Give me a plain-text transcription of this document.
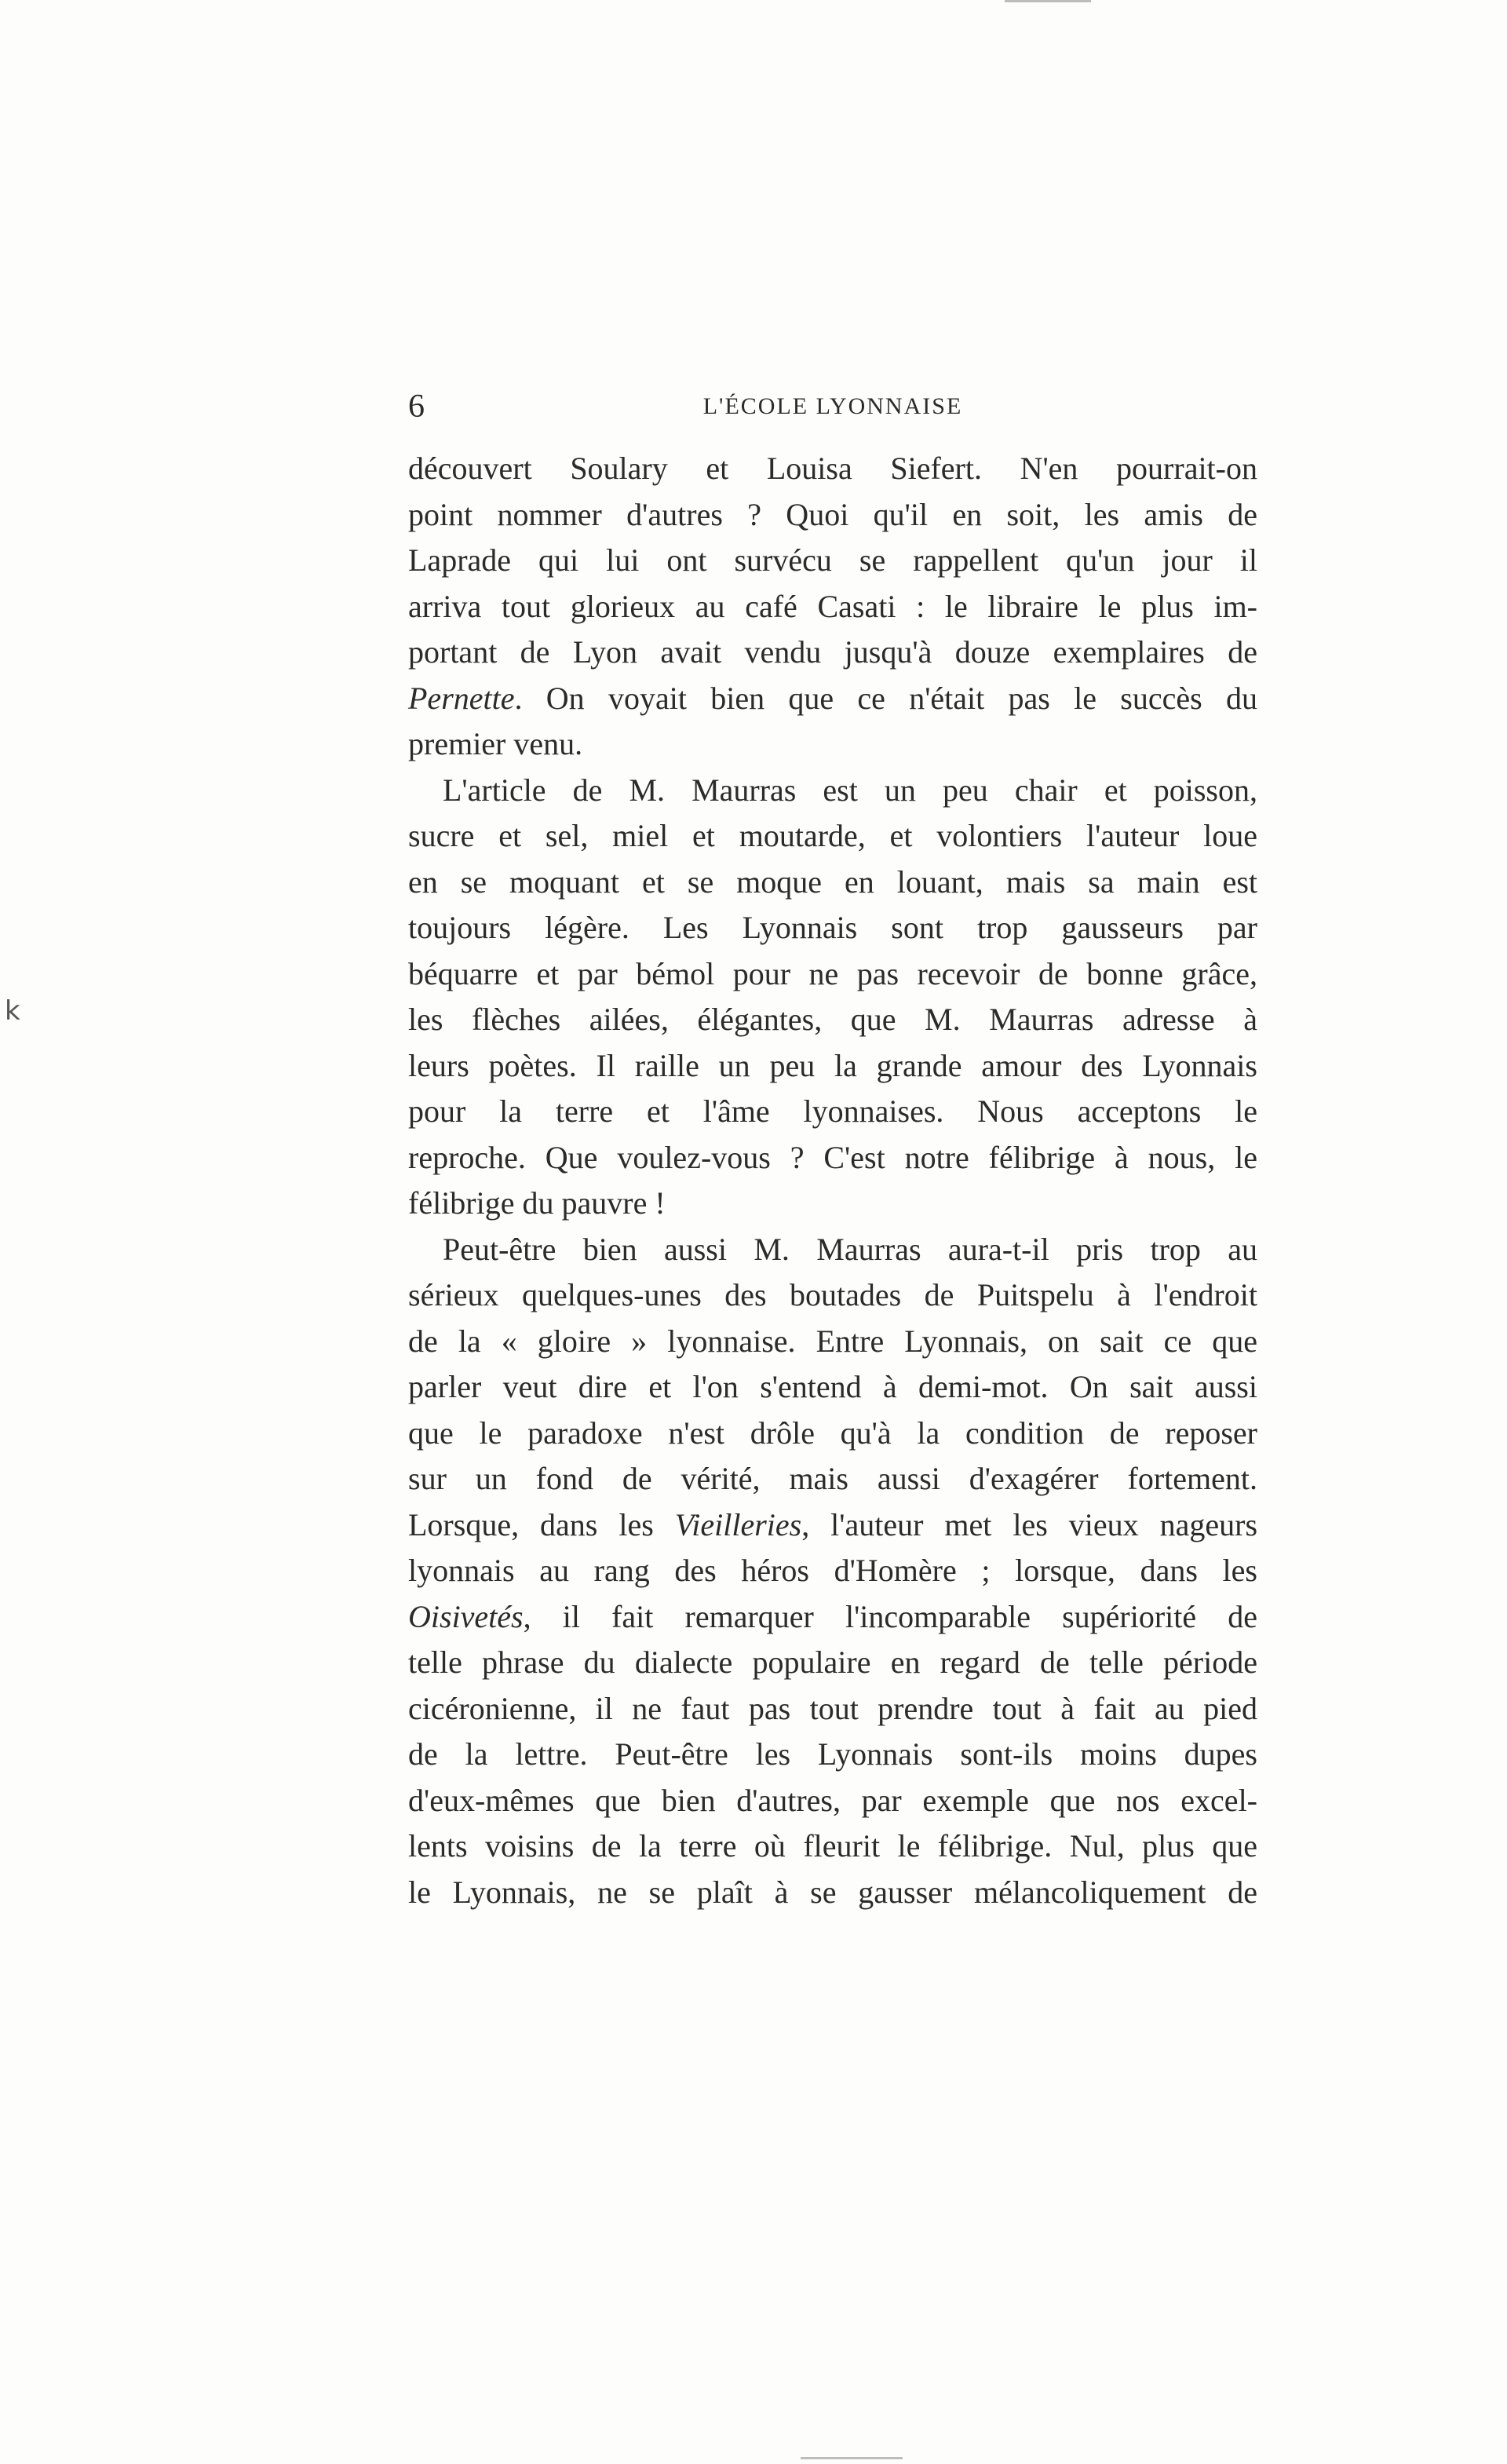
k
6	L'ÉCOLE LYONNAISE
découvert Soulary et Louisa Siefert. N'en pourrait-on
point nommer d'autres ? Quoi qu'il en soit, les amis de
Laprade qui lui ont survécu se rappellent qu'un jour il
arriva tout glorieux au café Casati : le libraire le plus im-
portant de Lyon avait vendu jusqu'à douze exemplaires de
Pernette. On voyait bien que ce n'était pas le succès du
premier venu.
L'article de M. Maurras est un peu chair et poisson,
sucre et sel, miel et moutarde, et volontiers l'auteur loue
en se moquant et se moque en louant, mais sa main est
toujours légère. Les Lyonnais sont trop gausseurs par
béquarre et par bémol pour ne pas recevoir de bonne grâce,
les flèches ailées, élégantes, que M. Maurras adresse à
leurs poètes. Il raille un peu la grande amour des Lyonnais
pour la terre et l'âme lyonnaises. Nous acceptons le
reproche. Que voulez-vous ? C'est notre félibrige à nous, le
félibrige du pauvre !
Peut-être bien aussi M. Maurras aura-t-il pris trop au
sérieux quelques-unes des boutades de Puitspelu à l'endroit
de la « gloire » lyonnaise. Entre Lyonnais, on sait ce que
parler veut dire et l'on s'entend à demi-mot. On sait aussi
que le paradoxe n'est drôle qu'à la condition de reposer
sur un fond de vérité, mais aussi d'exagérer fortement.
Lorsque, dans les Vieilleries, l'auteur met les vieux nageurs
lyonnais au rang des héros d'Homère ; lorsque, dans les
Oisivetés, il fait remarquer l'incomparable supériorité de
telle phrase du dialecte populaire en regard de telle période
cicéronienne, il ne faut pas tout prendre tout à fait au pied
de la lettre. Peut-être les Lyonnais sont-ils moins dupes
d'eux-mêmes que bien d'autres, par exemple que nos excel-
lents voisins de la terre où fleurit le félibrige. Nul, plus que
le Lyonnais, ne se plaît à se gausser mélancoliquement de
